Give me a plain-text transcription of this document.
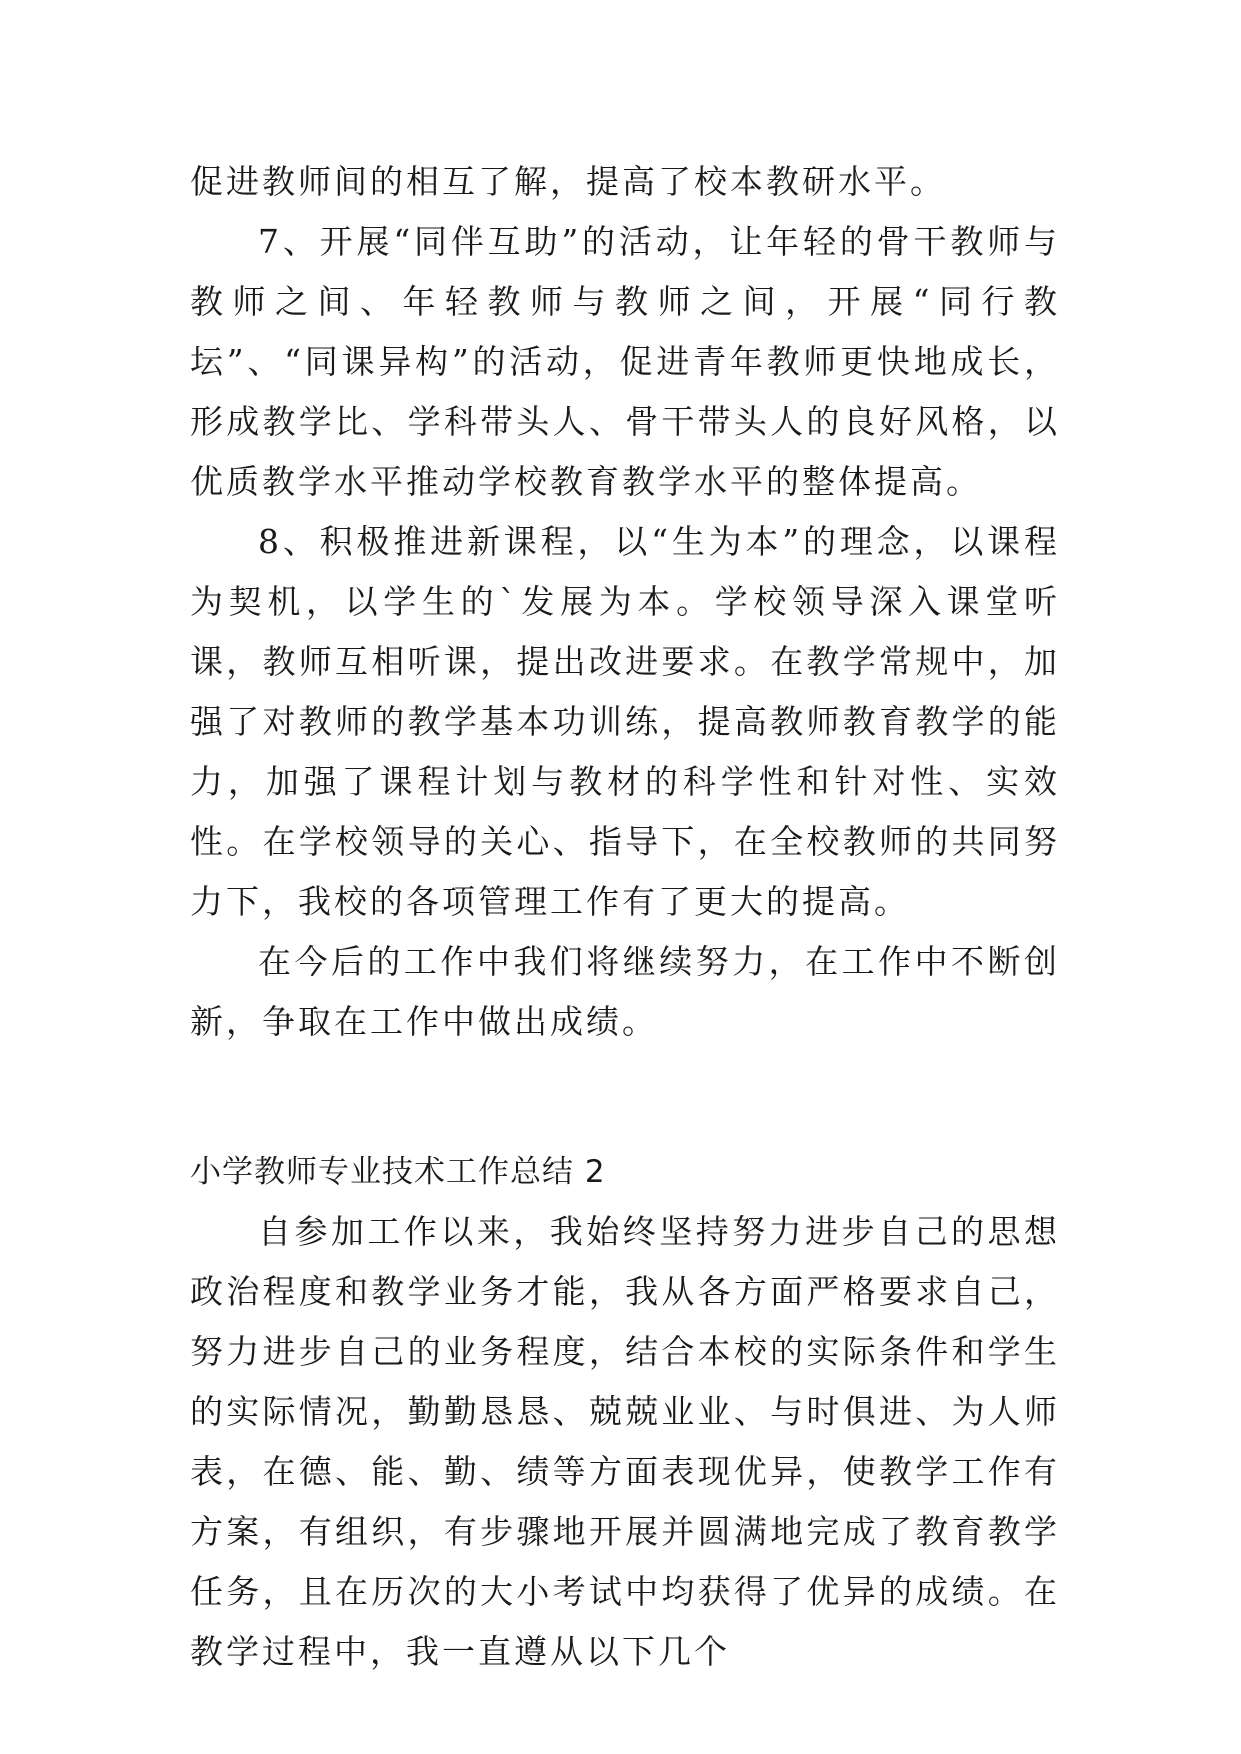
促进教师间的相互了解，提高了校本教研水平。

7、开展“同伴互助”的活动，让年轻的骨干教师与教师之间、年轻教师与教师之间，开展“同行教坛”、“同课异构”的活动，促进青年教师更快地成长，形成教学比、学科带头人、骨干带头人的良好风格，以优质教学水平推动学校教育教学水平的整体提高。

8、积极推进新课程，以“生为本”的理念，以课程为契机，以学生的`发展为本。学校领导深入课堂听课，教师互相听课，提出改进要求。在教学常规中，加强了对教师的教学基本功训练，提高教师教育教学的能力，加强了课程计划与教材的科学性和针对性、实效性。在学校领导的关心、指导下，在全校教师的共同努力下，我校的各项管理工作有了更大的提高。

在今后的工作中我们将继续努力，在工作中不断创新，争取在工作中做出成绩。

小学教师专业技术工作总结 2

自参加工作以来，我始终坚持努力进步自己的思想政治程度和教学业务才能，我从各方面严格要求自己，努力进步自己的业务程度，结合本校的实际条件和学生的实际情况，勤勤恳恳、兢兢业业、与时俱进、为人师表，在德、能、勤、绩等方面表现优异，使教学工作有方案，有组织，有步骤地开展并圆满地完成了教育教学任务，且在历次的大小考试中均获得了优异的成绩。在教学过程中，我一直遵从以下几个
